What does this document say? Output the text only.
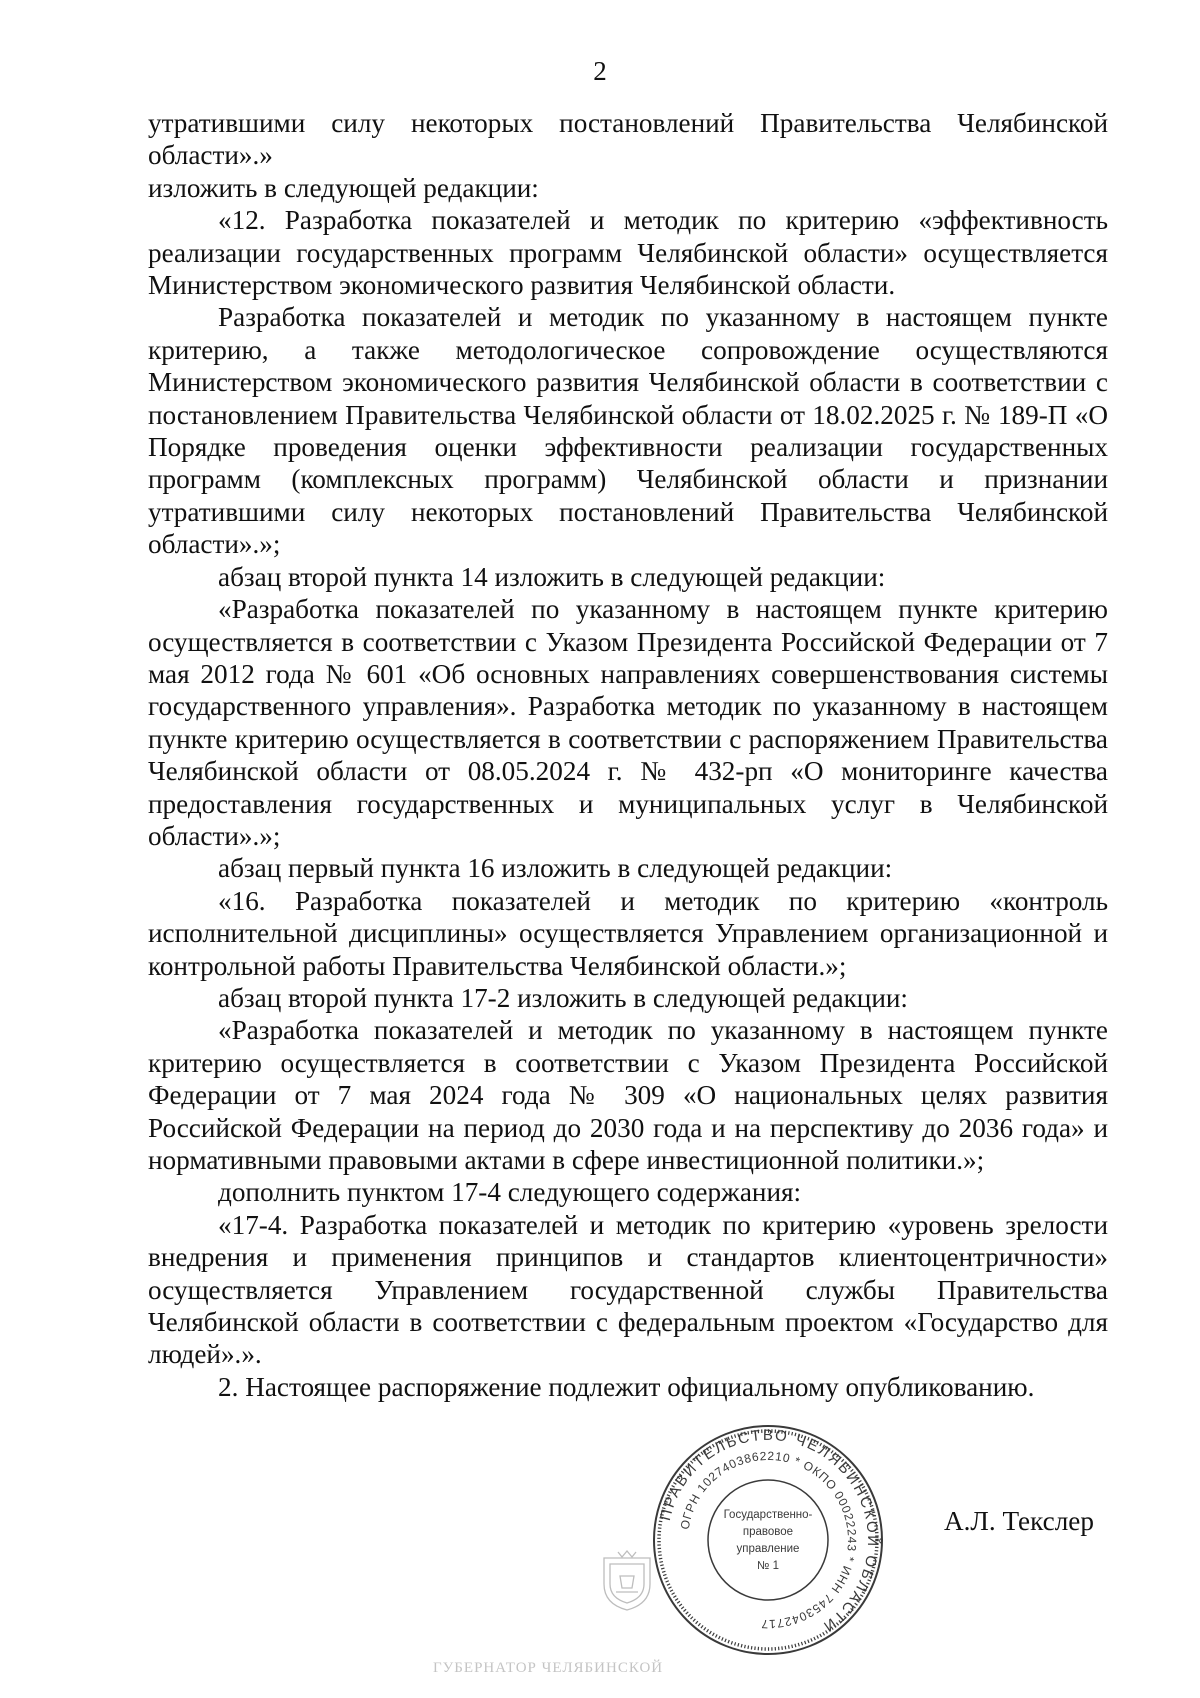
2

утратившими силу некоторых постановлений Правительства Челябинской области».»

изложить в следующей редакции:

«12. Разработка показателей и методик по критерию «эффективность реализации государственных программ Челябинской области» осуществляется Министерством экономического развития Челябинской области.

Разработка показателей и методик по указанному в настоящем пункте критерию, а также методологическое сопровождение осуществляются Министерством экономического развития Челябинской области в соответствии с постановлением Правительства Челябинской области от 18.02.2025 г. № 189-П «О Порядке проведения оценки эффективности реализации государственных программ (комплексных программ) Челябинской области и признании утратившими силу некоторых постановлений Правительства Челябинской области».»;

абзац второй пункта 14 изложить в следующей редакции:

«Разработка показателей по указанному в настоящем пункте критерию осуществляется в соответствии с Указом Президента Российской Федерации от 7 мая 2012 года № 601 «Об основных направлениях совершенствования системы государственного управления». Разработка методик по указанному в настоящем пункте критерию осуществляется в соответствии с распоряжением Правительства Челябинской области от 08.05.2024 г. № 432-рп «О мониторинге качества предоставления государственных и муниципальных услуг в Челябинской области».»;

абзац первый пункта 16 изложить в следующей редакции:

«16. Разработка показателей и методик по критерию «контроль исполнительной дисциплины» осуществляется Управлением организационной и контрольной работы Правительства Челябинской области.»;

абзац второй пункта 17-2 изложить в следующей редакции:

«Разработка показателей и методик по указанному в настоящем пункте критерию осуществляется в соответствии с Указом Президента Российской Федерации от 7 мая 2024 года № 309 «О национальных целях развития Российской Федерации на период до 2030 года и на перспективу до 2036 года» и нормативными правовыми актами в сфере инвестиционной политики.»;

дополнить пунктом 17-4 следующего содержания:

«17-4. Разработка показателей и методик по критерию «уровень зрелости внедрения и применения принципов и стандартов клиентоцентричности» осуществляется Управлением государственной службы Правительства Челябинской области в соответствии с федеральным проектом «Государство для людей».».

2. Настоящее распоряжение подлежит официальному опубликованию.

ПРАВИТЕЛЬСТВО ЧЕЛЯБИНСКОЙ ОБЛАСТИ
ОГРН 1027403862210 * ОКПО 00022243 * ИНН 7453042717
Государственно-
правовое
управление
№ 1
ГУБЕРНАТОР ЧЕЛЯБИНСКОЙ
А.Л. Текслер
